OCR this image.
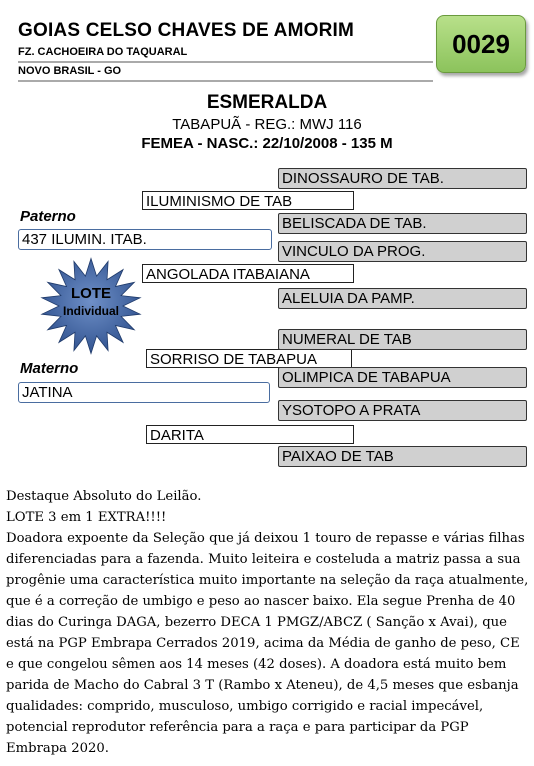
GOIAS CELSO CHAVES DE AMORIM
FZ. CACHOEIRA DO TAQUARAL
NOVO BRASIL - GO
0029
ESMERALDA
TABAPUÃ - REG.: MWJ 116
FEMEA - NASC.: 22/10/2008 - 135 M
Paterno
Materno
437 ILUMIN. ITAB.
JATINA
ILUMINISMO DE TAB
ANGOLADA ITABAIANA
SORRISO DE TABAPUA
DARITA
DINOSSAURO DE TAB.
BELISCADA DE TAB.
VINCULO DA PROG.
ALELUIA DA PAMP.
NUMERAL DE TAB
OLIMPICA DE TABAPUA
YSOTOPO A PRATA
PAIXAO DE TAB
LOTE
Individual

Destaque Absoluto do Leilão.

LOTE 3 em 1 EXTRA!!!!

Doadora expoente da Seleção que já deixou 1 touro de repasse e várias filhas diferenciadas para a fazenda. Muito leiteira e costeluda a matriz passa a sua progênie uma característica muito importante na seleção da raça atualmente, que é a correção de umbigo e peso ao nascer baixo. Ela segue Prenha de 40 dias do Curinga DAGA, bezerro DECA 1 PMGZ/ABCZ ( Sanção x Avai), que está na PGP Embrapa Cerrados 2019, acima da Média de ganho de peso, CE e que congelou sêmen aos 14 meses (42 doses). A doadora está muito bem parida de Macho do Cabral 3 T (Rambo x Ateneu), de 4,5 meses que esbanja qualidades: comprido, musculoso, umbigo corrigido e racial impecável, potencial reprodutor referência para a raça e para participar da PGP Embrapa 2020.
